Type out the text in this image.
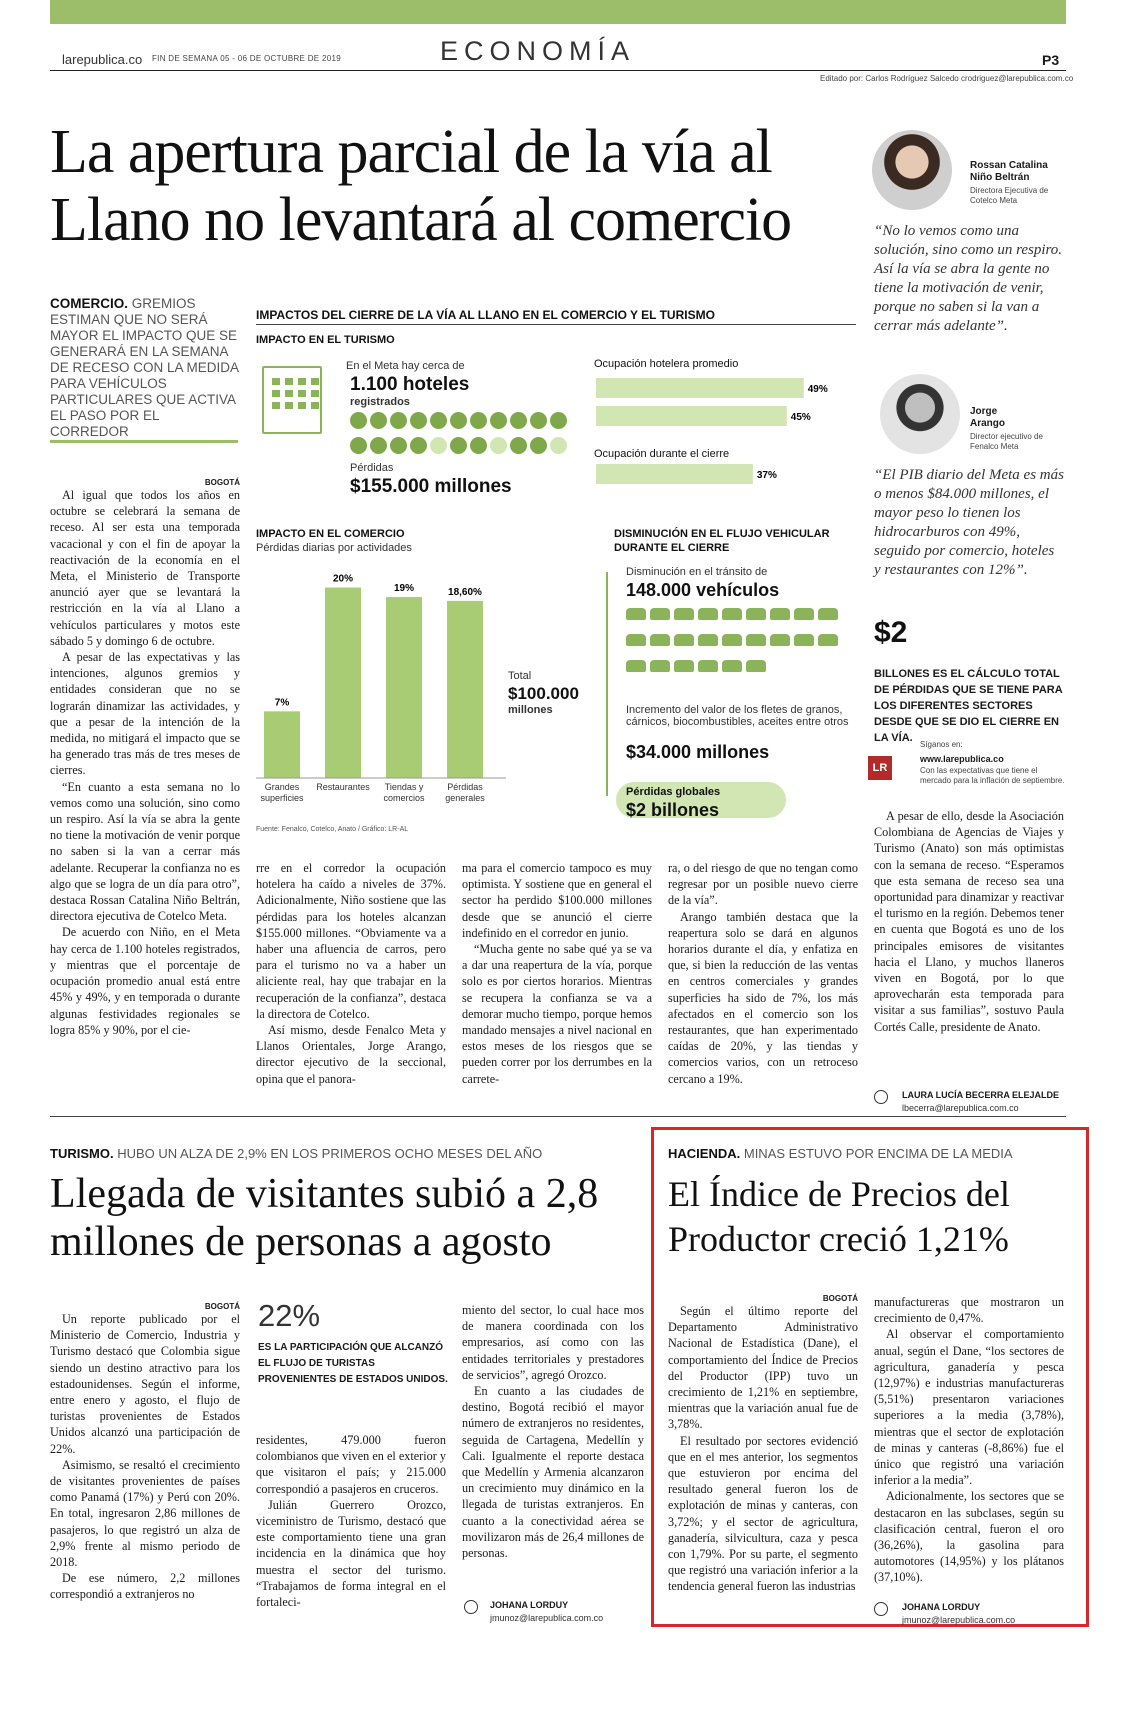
larepublica.co FIN DE SEMANA 05 - 06 DE OCTUBRE DE 2019	ECONOMÍA	P3
Editado por: Carlos Rodríguez Salcedo crodriguez@larepublica.com.co
La apertura parcial de la vía al
Llano no levantará al comercio
COMERCIO. GREMIOS ESTIMAN QUE NO SERÁ MAYOR EL IMPACTO QUE SE GENERARÁ EN LA SEMANA DE RECESO CON LA MEDIDA PARA VEHÍCULOS PARTICULARES QUE ACTIVA EL PASO POR EL CORREDOR
BOGOTÁ

Al igual que todos los años en octubre se celebrará la semana de receso. Al ser esta una temporada vacacional y con el fin de apoyar la reactivación de la economía en el Meta, el Ministerio de Transporte anunció ayer que se levantará la restricción en la vía al Llano a vehículos particulares y motos este sábado 5 y domingo 6 de octubre.

A pesar de las expectativas y las intenciones, algunos gremios y entidades consideran que no se lograrán dinamizar las actividades, y que a pesar de la intención de la medida, no mitigará el impacto que se ha generado tras más de tres meses de cierres.

“En cuanto a esta semana no lo vemos como una solución, sino como un respiro. Así la vía se abra la gente no tiene la motivación de venir porque no saben si la van a cerrar más adelante. Recuperar la confianza no es algo que se logra de un día para otro”, destaca Rossan Catalina Niño Beltrán, directora ejecutiva de Cotelco Meta.

De acuerdo con Niño, en el Meta hay cerca de 1.100 hoteles registrados, y mientras que el porcentaje de ocupación promedio anual está entre 45% y 49%, y en temporada o durante algunas festividades regionales se logra 85% y 90%, por el cie-

rre en el corredor la ocupación hotelera ha caído a niveles de 37%. Adicionalmente, Niño sostiene que las pérdidas para los hoteles alcanzan $155.000 millones. “Obviamente va a haber una afluencia de carros, pero para el turismo no va a haber un aliciente real, hay que trabajar en la recuperación de la confianza”, destaca la directora de Cotelco.

Así mismo, desde Fenalco Meta y Llanos Orientales, Jorge Arango, director ejecutivo de la seccional, opina que el panora-

ma para el comercio tampoco es muy optimista. Y sostiene que en general el sector ha perdido $100.000 millones desde que se anunció el cierre indefinido en el corredor en junio.

“Mucha gente no sabe qué ya se va a dar una reapertura de la vía, porque solo es por ciertos horarios. Mientras se recupera la confianza se va a demorar mucho tiempo, porque hemos mandado mensajes a nivel nacional en estos meses de los riesgos que se pueden correr por los derrumbes en la carrete-

ra, o del riesgo de que no tengan como regresar por un posible nuevo cierre de la vía”.

Arango también destaca que la reapertura solo se dará en algunos horarios durante el día, y enfatiza en que, si bien la reducción de las ventas en centros comerciales y grandes superficies ha sido de 7%, los más afectados en el comercio son los restaurantes, que han experimentado caídas de 20%, y las tiendas y comercios varios, con un retroceso cercano a 19%.

IMPACTOS DEL CIERRE DE LA VÍA AL LLANO EN EL COMERCIO Y EL TURISMO
IMPACTO EN EL TURISMO
En el Meta hay cerca de
1.100 hoteles
registrados
Pérdidas
$155.000 millones
Ocupación hotelera promedio
Ocupación durante el cierre
49%
45%
37%
IMPACTO EN EL COMERCIO
Pérdidas diarias por actividades
7%
Grandes
superficies
20%
Restaurantes
19%
Tiendas y
comercios
18,60%
Pérdidas
generales
Total
$100.000
millones
Fuente: Fenalco, Cotelco, Anato / Gráfico: LR-AL
DISMINUCIÓN EN EL FLUJO VEHICULAR
DURANTE EL CIERRE
Disminución en el tránsito de
148.000 vehículos
Incremento del valor de los fletes de granos, cárnicos, biocombustibles, aceites entre otros
$34.000 millones
Pérdidas globales
$2 billones
Rossan Catalina
Niño Beltrán
Directora Ejecutiva de
Cotelco Meta
“No lo vemos como una solución, sino como un respiro. Así la vía se abra la gente no tiene la motivación de venir, porque no saben si la van a cerrar más adelante”.
Jorge
Arango
Director ejecutivo de
Fenalco Meta
“El PIB diario del Meta es más o menos $84.000 millones, el mayor peso lo tienen los hidrocarburos con 49%, seguido por comercio, hoteles y restaurantes con 12%”.
$2
BILLONES ES EL CÁLCULO TOTAL DE PÉRDIDAS QUE SE TIENE PARA LOS DIFERENTES SECTORES DESDE QUE SE DIO EL CIERRE EN LA VÍA.
LR
Síganos en:
www.larepublica.co
Con las expectativas que tiene el mercado para la inflación de septiembre.

A pesar de ello, desde la Asociación Colombiana de Agencias de Viajes y Turismo (Anato) son más optimistas con la semana de receso. “Esperamos que esta semana de receso sea una oportunidad para dinamizar y reactivar el turismo en la región. Debemos tener en cuenta que Bogotá es uno de los principales emisores de visitantes hacia el Llano, y muchos llaneros viven en Bogotá, por lo que aprovecharán esta temporada para visitar a sus familias”, sostuvo Paula Cortés Calle, presidente de Anato.

LAURA LUCÍA BECERRA ELEJALDE
lbecerra@larepublica.com.co
TURISMO. HUBO UN ALZA DE 2,9% EN LOS PRIMEROS OCHO MESES DEL AÑO
Llegada de visitantes subió a 2,8
millones de personas a agosto
BOGOTÁ

Un reporte publicado por el Ministerio de Comercio, Industria y Turismo destacó que Colombia sigue siendo un destino atractivo para los estadounidenses. Según el informe, entre enero y agosto, el flujo de turistas provenientes de Estados Unidos alcanzó una participación de 22%.

Asimismo, se resaltó el crecimiento de visitantes provenientes de países como Panamá (17%) y Perú con 20%. En total, ingresaron 2,86 millones de pasajeros, lo que registró un alza de 2,9% frente al mismo periodo de 2018.

De ese número, 2,2 millones correspondió a extranjeros no

22%
ES LA PARTICIPACIÓN QUE ALCANZÓ EL FLUJO DE TURISTAS PROVENIENTES DE ESTADOS UNIDOS.

residentes, 479.000 fueron colombianos que viven en el exterior y que visitaron el país; y 215.000 correspondió a pasajeros en cruceros.

Julián Guerrero Orozco, viceministro de Turismo, destacó que este comportamiento tiene una gran incidencia en la dinámica que hoy muestra el sector del turismo. “Trabajamos de forma integral en el fortaleci-

miento del sector, lo cual hace mos de manera coordinada con los empresarios, así como con las entidades territoriales y prestadores de servicios”, agregó Orozco.

En cuanto a las ciudades de destino, Bogotá recibió el mayor número de extranjeros no residentes, seguida de Cartagena, Medellín y Cali. Igualmente el reporte destaca que Medellín y Armenia alcanzaron un crecimiento muy dinámico en la llegada de turistas extranjeros. En cuanto a la conectividad aérea se movilizaron más de 26,4 millones de personas.

JOHANA LORDUY
jmunoz@larepublica.com.co
HACIENDA. MINAS ESTUVO POR ENCIMA DE LA MEDIA
El Índice de Precios del
Productor creció 1,21%
BOGOTÁ

Según el último reporte del Departamento Administrativo Nacional de Estadística (Dane), el comportamiento del Índice de Precios del Productor (IPP) tuvo un crecimiento de 1,21% en septiembre, mientras que la variación anual fue de 3,78%.

El resultado por sectores evidenció que en el mes anterior, los segmentos que estuvieron por encima del resultado general fueron los de explotación de minas y canteras, con 3,72%; y el sector de agricultura, ganadería, silvicultura, caza y pesca con 1,79%. Por su parte, el segmento que registró una variación inferior a la tendencia general fueron las industrias

manufactureras que mostraron un crecimiento de 0,47%.

Al observar el comportamiento anual, según el Dane, “los sectores de agricultura, ganadería y pesca (12,97%) e industrias manufactureras (5,51%) presentaron variaciones superiores a la media (3,78%), mientras que el sector de explotación de minas y canteras (-8,86%) fue el único que registró una variación inferior a la media”.

Adicionalmente, los sectores que se destacaron en las subclases, según su clasificación central, fueron el oro (36,26%), la gasolina para automotores (14,95%) y los plátanos (37,10%).

JOHANA LORDUY
jmunoz@larepublica.com.co
